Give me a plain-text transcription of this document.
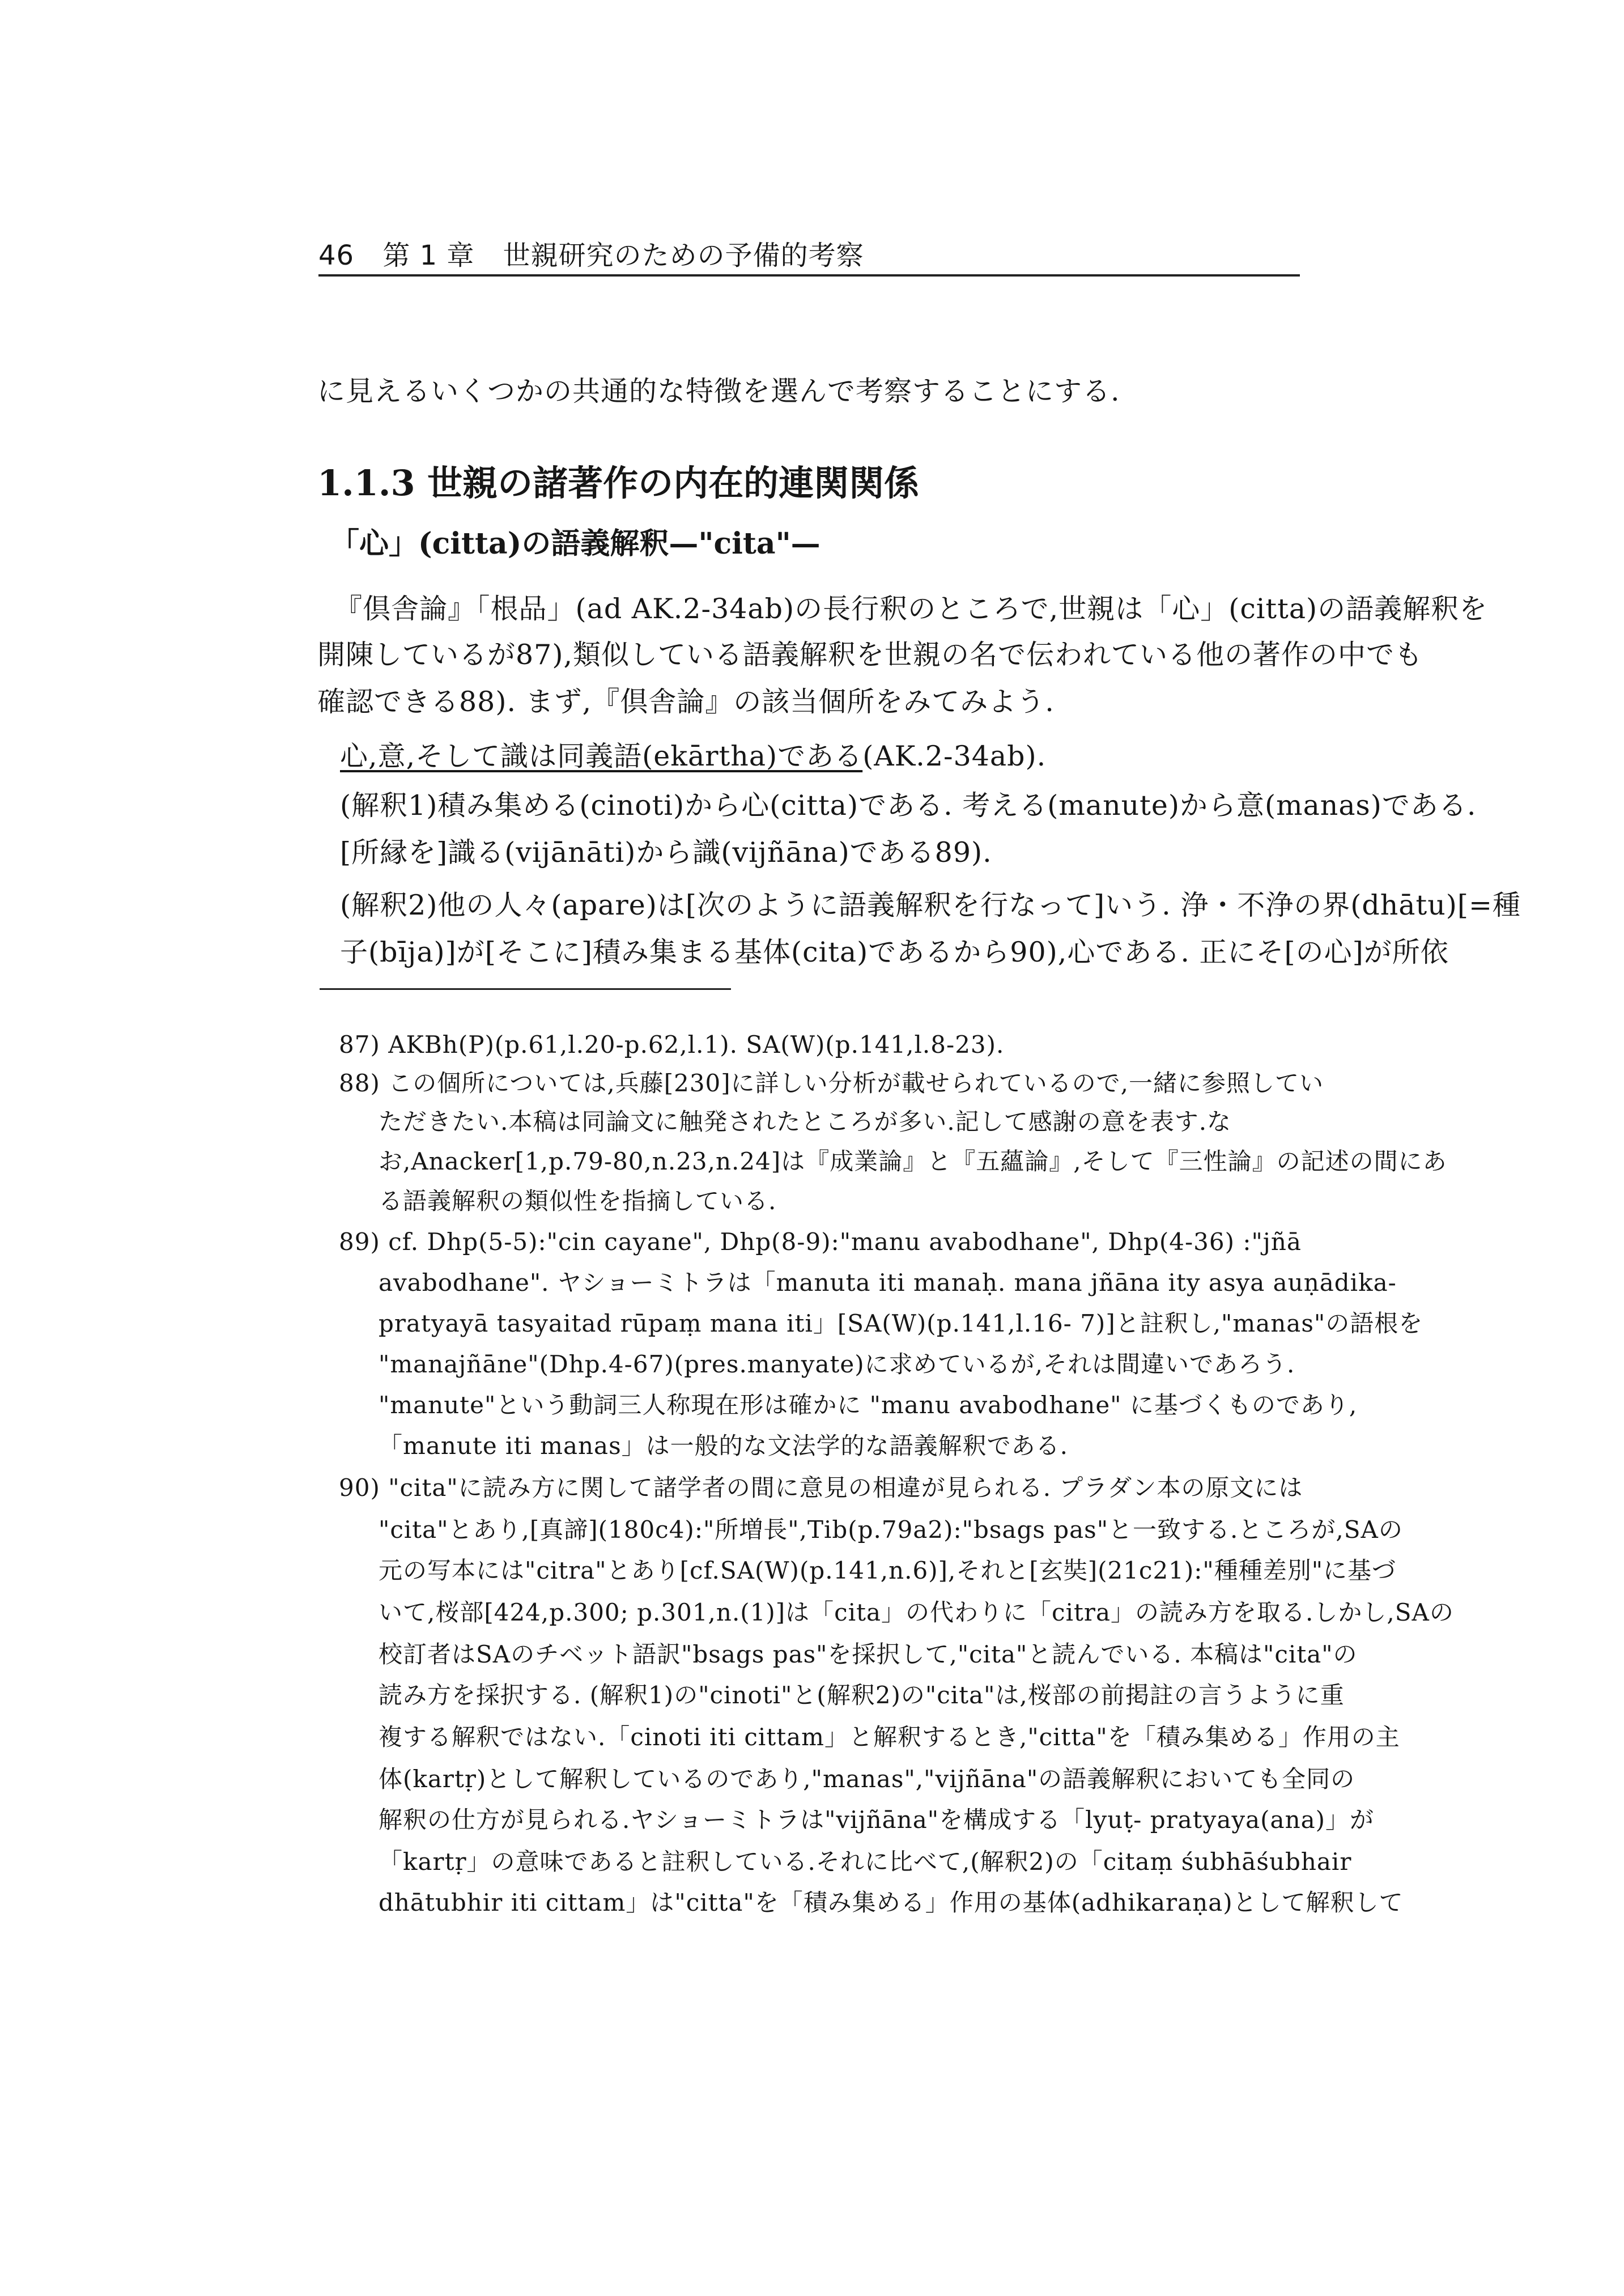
46 第 1 章 世親研究のための予備的考察
に見えるいくつかの共通的な特徴を選んで考察することにする.
1.1.3 世親の諸著作の内在的連関関係
「心」(citta)の語義解釈—"cita"—
『倶舎論』「根品」(ad AK.2-34ab)の長行釈のところで,世親は「心」(citta)の語義解釈を
開陳しているが87),類似している語義解釈を世親の名で伝われている他の著作の中でも
確認できる88). まず,『倶舎論』の該当個所をみてみよう.
心,意,そして識は同義語(ekārtha)である(AK.2-34ab).
(解釈1)積み集める(cinoti)から心(citta)である. 考える(manute)から意(manas)である.
[所縁を]識る(vijānāti)から識(vijñāna)である89).
(解釈2)他の人々(apare)は[次のように語義解釈を行なって]いう. 浄・不浄の界(dhātu)[=種
子(bīja)]が[そこに]積み集まる基体(cita)であるから90),心である. 正にそ[の心]が所依
87) AKBh(P)(p.61,l.20-p.62,l.1). SA(W)(p.141,l.8-23).
88) この個所については,兵藤[230]に詳しい分析が載せられているので,一緒に参照してい
ただきたい.本稿は同論文に触発されたところが多い.記して感謝の意を表す.な
お,Anacker[1,p.79-80,n.23,n.24]は『成業論』と『五蘊論』,そして『三性論』の記述の間にあ
る語義解釈の類似性を指摘している.
89) cf. Dhp(5-5):"cin cayane", Dhp(8-9):"manu avabodhane", Dhp(4-36) :"jñā
avabodhane". ヤショーミトラは「manuta iti manaḥ. mana jñāna ity asya auṇādika-
pratyayā tasyaitad rūpaṃ mana iti」[SA(W)(p.141,l.16- 7)]と註釈し,"manas"の語根を
"manajñāne"(Dhp.4-67)(pres.manyate)に求めているが,それは間違いであろう.
"manute"という動詞三人称現在形は確かに "manu avabodhane" に基づくものであり,
「manute iti manas」は一般的な文法学的な語義解釈である.
90) "cita"に読み方に関して諸学者の間に意見の相違が見られる. プラダン本の原文には
"cita"とあり,[真諦](180c4):"所増長",Tib(p.79a2):"bsags pas"と一致する.ところが,SAの
元の写本には"citra"とあり[cf.SA(W)(p.141,n.6)],それと[玄奘](21c21):"種種差別"に基づ
いて,桜部[424,p.300; p.301,n.(1)]は「cita」の代わりに「citra」の読み方を取る.しかし,SAの
校訂者はSAのチベット語訳"bsags pas"を採択して,"cita"と読んでいる. 本稿は"cita"の
読み方を採択する. (解釈1)の"cinoti"と(解釈2)の"cita"は,桜部の前掲註の言うように重
複する解釈ではない.「cinoti iti cittam」と解釈するとき,"citta"を「積み集める」作用の主
体(kartṛ)として解釈しているのであり,"manas","vijñāna"の語義解釈においても全同の
解釈の仕方が見られる.ヤショーミトラは"vijñāna"を構成する「lyuṭ- pratyaya(ana)」が
「kartṛ」の意味であると註釈している.それに比べて,(解釈2)の「citaṃ śubhāśubhair
dhātubhir iti cittam」は"citta"を「積み集める」作用の基体(adhikaraṇa)として解釈して
